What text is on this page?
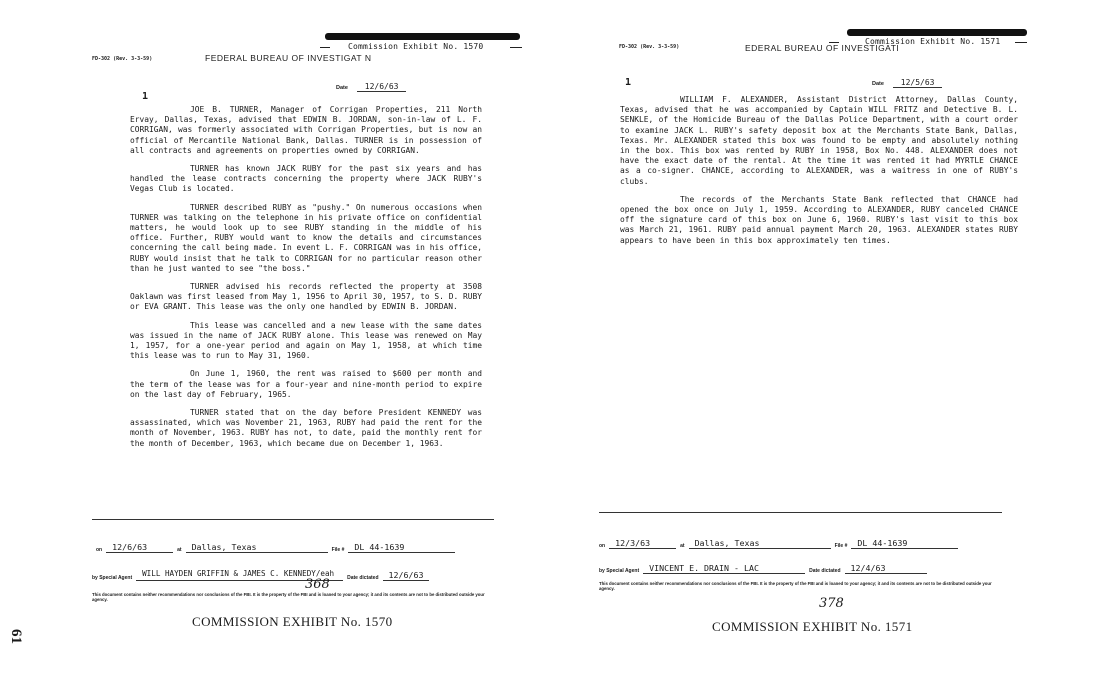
61
Commission Exhibit No. 1570
FD-302 (Rev. 3-3-59)	FEDERAL BUREAU OF INVESTIGAT N
1
Date 12/6/63

JOE B. TURNER, Manager of Corrigan Properties, 211 North Ervay, Dallas, Texas, advised that EDWIN B. JORDAN, son-in-law of L. F. CORRIGAN, was formerly associated with Corrigan Properties, but is now an official of Mercantile National Bank, Dallas. TURNER is in possession of all contracts and agreements on properties owned by CORRIGAN.

TURNER has known JACK RUBY for the past six years and has handled the lease contracts concerning the property where JACK RUBY's Vegas Club is located.

TURNER described RUBY as "pushy." On numerous occasions when TURNER was talking on the telephone in his private office on confidential matters, he would look up to see RUBY standing in the middle of his office. Further, RUBY would want to know the details and circumstances concerning the call being made. In event L. F. CORRIGAN was in his office, RUBY would insist that he talk to CORRIGAN for no particular reason other than he just wanted to see "the boss."

TURNER advised his records reflected the property at 3508 Oaklawn was first leased from May 1, 1956 to April 30, 1957, to S. D. RUBY or EVA GRANT. This lease was the only one handled by EDWIN B. JORDAN.

This lease was cancelled and a new lease with the same dates was issued in the name of JACK RUBY alone. This lease was renewed on May 1, 1957, for a one-year period and again on May 1, 1958, at which time this lease was to run to May 31, 1960.

On June 1, 1960, the rent was raised to $600 per month and the term of the lease was for a four-year and nine-month period to expire on the last day of February, 1965.

TURNER stated that on the day before President KENNEDY was assassinated, which was November 21, 1963, RUBY had paid the rent for the month of November, 1963. RUBY has not, to date, paid the monthly rent for the month of December, 1963, which became due on December 1, 1963.

on	12/6/63	at	Dallas, Texas	File #	DL 44-1639
by Special Agent	WILL HAYDEN GRIFFIN & JAMES C. KENNEDY/eah	Date dictated	12/6/63
This document contains neither recommendations nor conclusions of the FBI. It is the property of the FBI and is loaned to your agency; it and its contents are not to be distributed outside your agency.
368
COMMISSION EXHIBIT No. 1570
Commission Exhibit No. 1571
FD-302 (Rev. 3-3-59)	EDERAL BUREAU OF INVESTIGATI
1	Date 12/5/63

WILLIAM F. ALEXANDER, Assistant District Attorney, Dallas County, Texas, advised that he was accompanied by Captain WILL FRITZ and Detective B. L. SENKLE, of the Homicide Bureau of the Dallas Police Department, with a court order to examine JACK L. RUBY's safety deposit box at the Merchants State Bank, Dallas, Texas. Mr. ALEXANDER stated this box was found to be empty and absolutely nothing in the box. This box was rented by RUBY in 1958, Box No. 448. ALEXANDER does not have the exact date of the rental. At the time it was rented it had MYRTLE CHANCE as a co-signer. CHANCE, according to ALEXANDER, was a waitress in one of RUBY's clubs.

The records of the Merchants State Bank reflected that CHANCE had opened the box once on July 1, 1959. According to ALEXANDER, RUBY canceled CHANCE off the signature card of this box on June 6, 1960. RUBY's last visit to this box was March 21, 1961. RUBY paid annual payment March 20, 1963. ALEXANDER states RUBY appears to have been in this box approximately ten times.

on	12/3/63	at	Dallas, Texas	File #	DL 44-1639
by Special Agent	VINCENT E. DRAIN - LAC	Date dictated	12/4/63
This document contains neither recommendations nor conclusions of the FBI. It is the property of the FBI and is loaned to your agency; it and its contents are not to be distributed outside your agency.
378
COMMISSION EXHIBIT No. 1571
